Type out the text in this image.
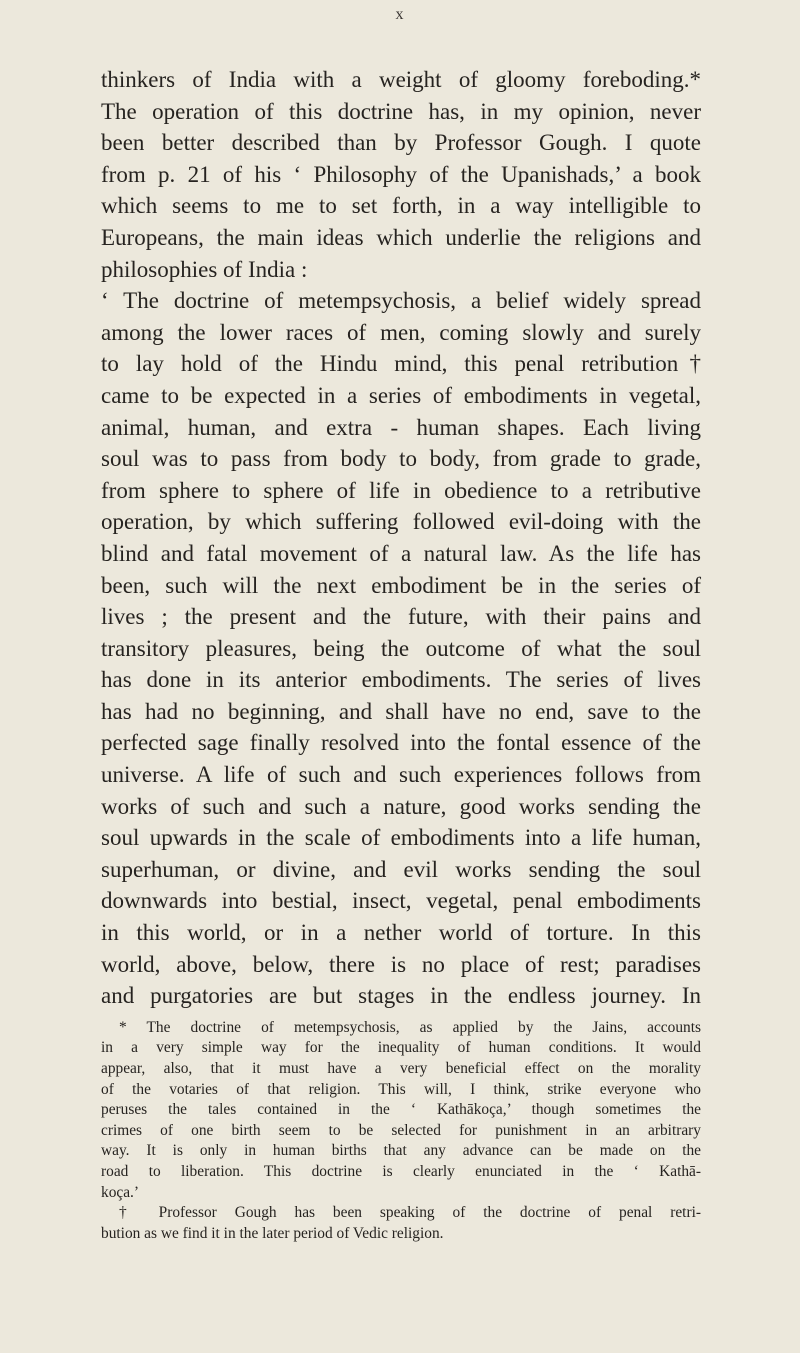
x
thinkers of India with a weight of gloomy foreboding.*
The operation of this doctrine has, in my opinion, never
been better described than by Professor Gough. I quote
from p. 21 of his ‘ Philosophy of the Upanishads,’ a book
which seems to me to set forth, in a way intelligible to
Europeans, the main ideas which underlie the religions and
philosophies of India :
‘ The doctrine of metempsychosis, a belief widely spread
among the lower races of men, coming slowly and surely
to lay hold of the Hindu mind, this penal retribution†
came to be expected in a series of embodiments in vegetal,
animal, human, and extra - human shapes. Each living
soul was to pass from body to body, from grade to grade,
from sphere to sphere of life in obedience to a retributive
operation, by which suffering followed evil-doing with the
blind and fatal movement of a natural law. As the life has
been, such will the next embodiment be in the series of
lives ; the present and the future, with their pains and
transitory pleasures, being the outcome of what the soul
has done in its anterior embodiments. The series of lives
has had no beginning, and shall have no end, save to the
perfected sage finally resolved into the fontal essence of the
universe. A life of such and such experiences follows from
works of such and such a nature, good works sending the
soul upwards in the scale of embodiments into a life human,
superhuman, or divine, and evil works sending the soul
downwards into bestial, insect, vegetal, penal embodiments
in this world, or in a nether world of torture. In this
world, above, below, there is no place of rest; paradises
and purgatories are but stages in the endless journey. In
* The doctrine of metempsychosis, as applied by the Jains, accounts
in a very simple way for the inequality of human conditions. It would
appear, also, that it must have a very beneficial effect on the morality
of the votaries of that religion. This will, I think, strike everyone who
peruses the tales contained in the ‘ Kathākoça,’ though sometimes the
crimes of one birth seem to be selected for punishment in an arbitrary
way. It is only in human births that any advance can be made on the
road to liberation. This doctrine is clearly enunciated in the ‘ Kathā-
koça.’
† Professor Gough has been speaking of the doctrine of penal retri-
bution as we find it in the later period of Vedic religion.
